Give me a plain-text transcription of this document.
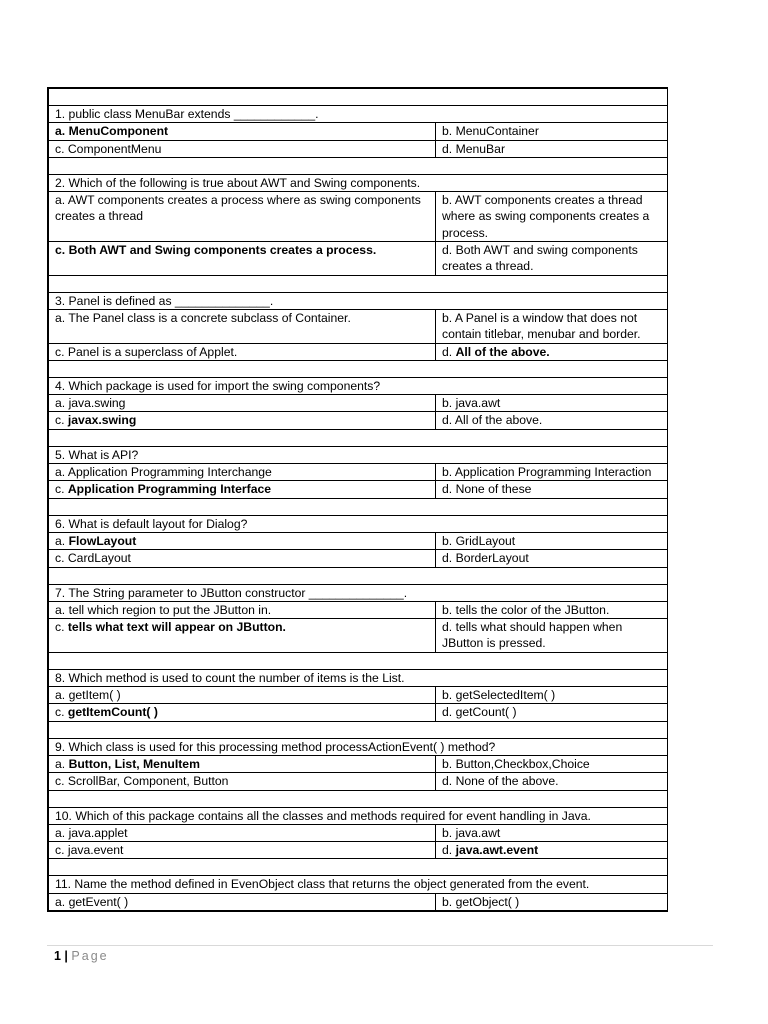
1. public class MenuBar extends ____________.	
a. MenuComponent	b. MenuContainer
c. ComponentMenu	d. MenuBar

2. Which of the following is true about AWT and Swing components.	
a. AWT components creates a process where as swing components creates a thread	b. AWT components creates a thread where as swing components creates a process.
c. Both AWT and Swing components creates a process.	d. Both AWT and swing components creates a thread.

3. Panel is defined as ______________.	
a. The Panel class is a concrete subclass of Container.	b. A Panel is a window that does not contain titlebar, menubar and border.
c. Panel is a superclass of Applet.	d. All of the above.

4. Which package is used for import the swing components?	
a. java.swing	b. java.awt
c. javax.swing	d. All of the above.

5. What is API?	
a. Application Programming Interchange	b. Application Programming Interaction
c. Application Programming Interface	d. None of these

6. What is default layout for Dialog?	
a. FlowLayout	b. GridLayout
c. CardLayout	d. BorderLayout

7. The String parameter to JButton constructor ______________.	
a. tell which region to put the JButton in.	b. tells the color of the JButton.
c. tells what text will appear on JButton.	d. tells what should happen when JButton is pressed.

8. Which method is used to count the number of items is the List.	
a. getItem( )	b. getSelectedItem( )
c. getItemCount( )	d. getCount( )

9. Which class is used for this processing method processActionEvent( ) method?	
a. Button, List, MenuItem	b. Button,Checkbox,Choice
c. ScrollBar, Component, Button	d. None of the above.

10. Which of this package contains all the classes and methods required for event handling in Java.	
a. java.applet	b. java.awt
c. java.event	d. java.awt.event

11. Name the method defined in EvenObject class that returns the object generated from the event.	
a. getEvent( )	b. getObject( )
1 | Page
